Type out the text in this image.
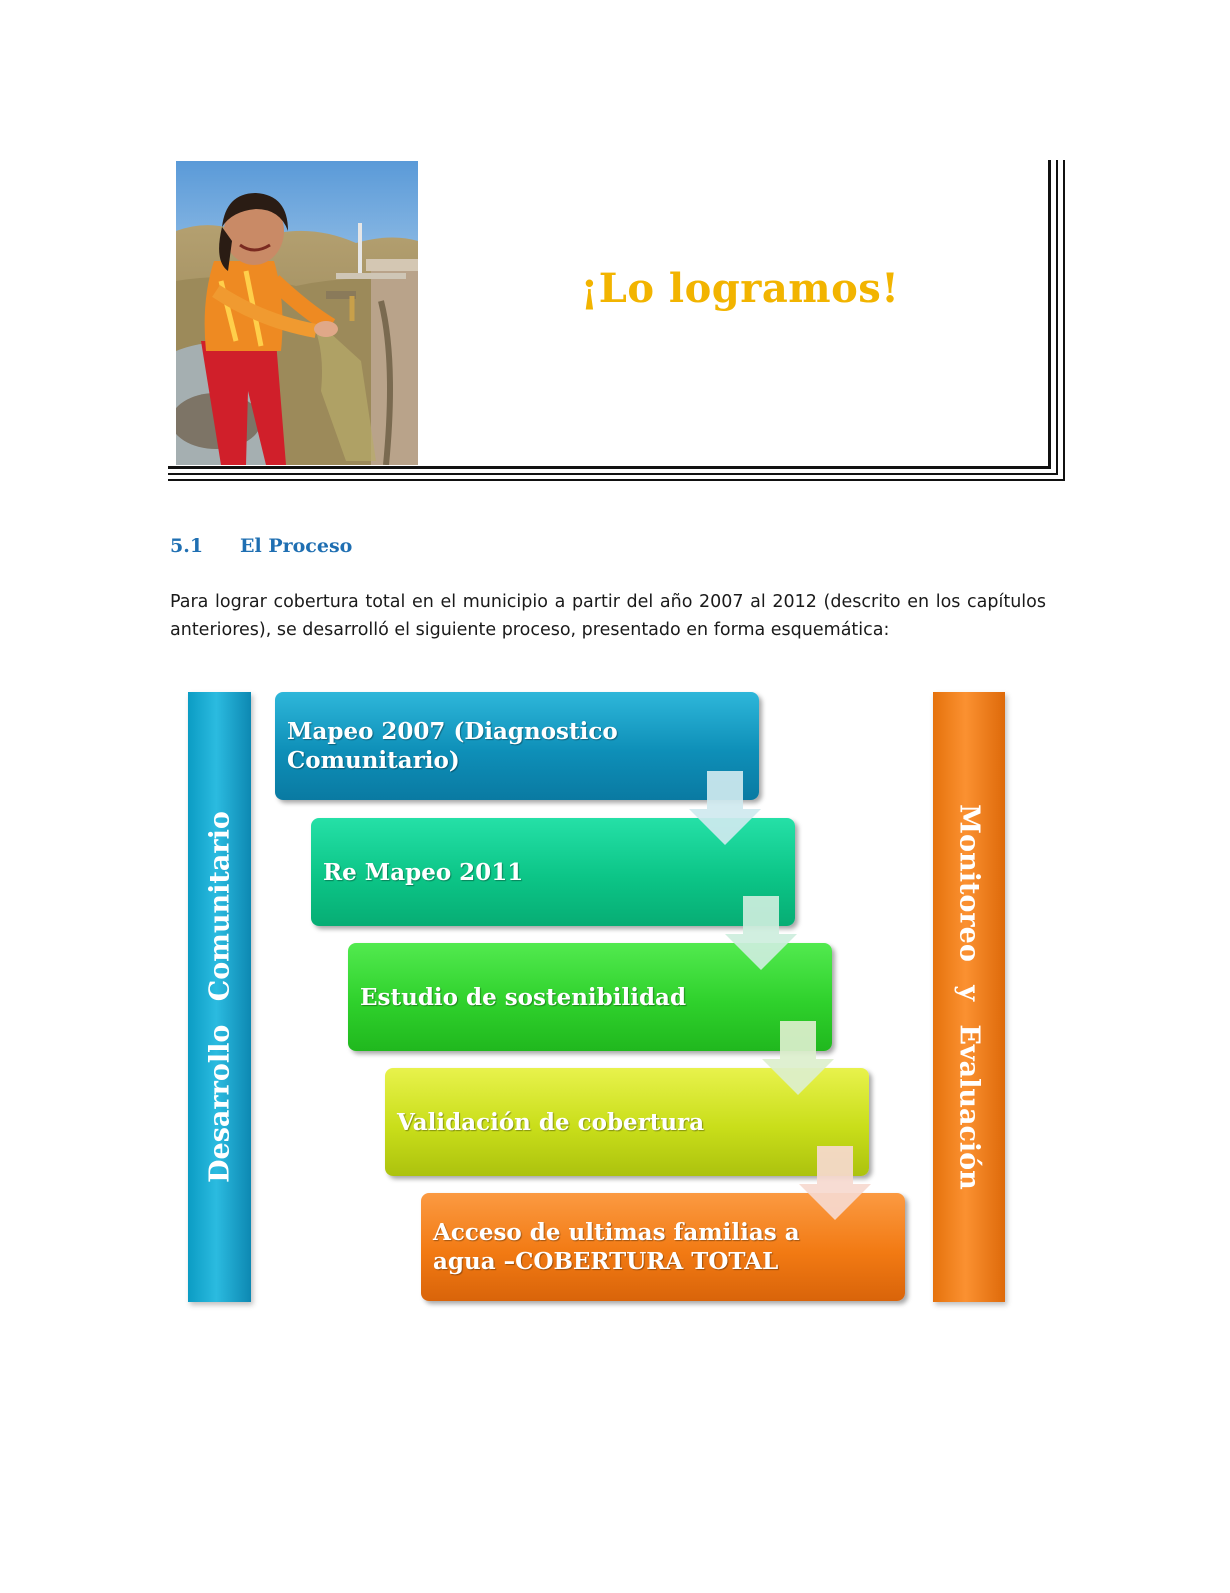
¡Lo logramos!
5.1 El Proceso
Para lograr cobertura total en el municipio a partir del año 2007 al 2012 (descrito en los capítulos anteriores), se desarrolló el siguiente proceso, presentado en forma esquemática:
Desarrollo Comunitario	Monitoreo y Evaluación
Mapeo 2007 (Diagnostico Comunitario)
Re Mapeo 2011
Estudio de sostenibilidad
Validación de cobertura
Acceso de ultimas familias a agua –COBERTURA TOTAL
